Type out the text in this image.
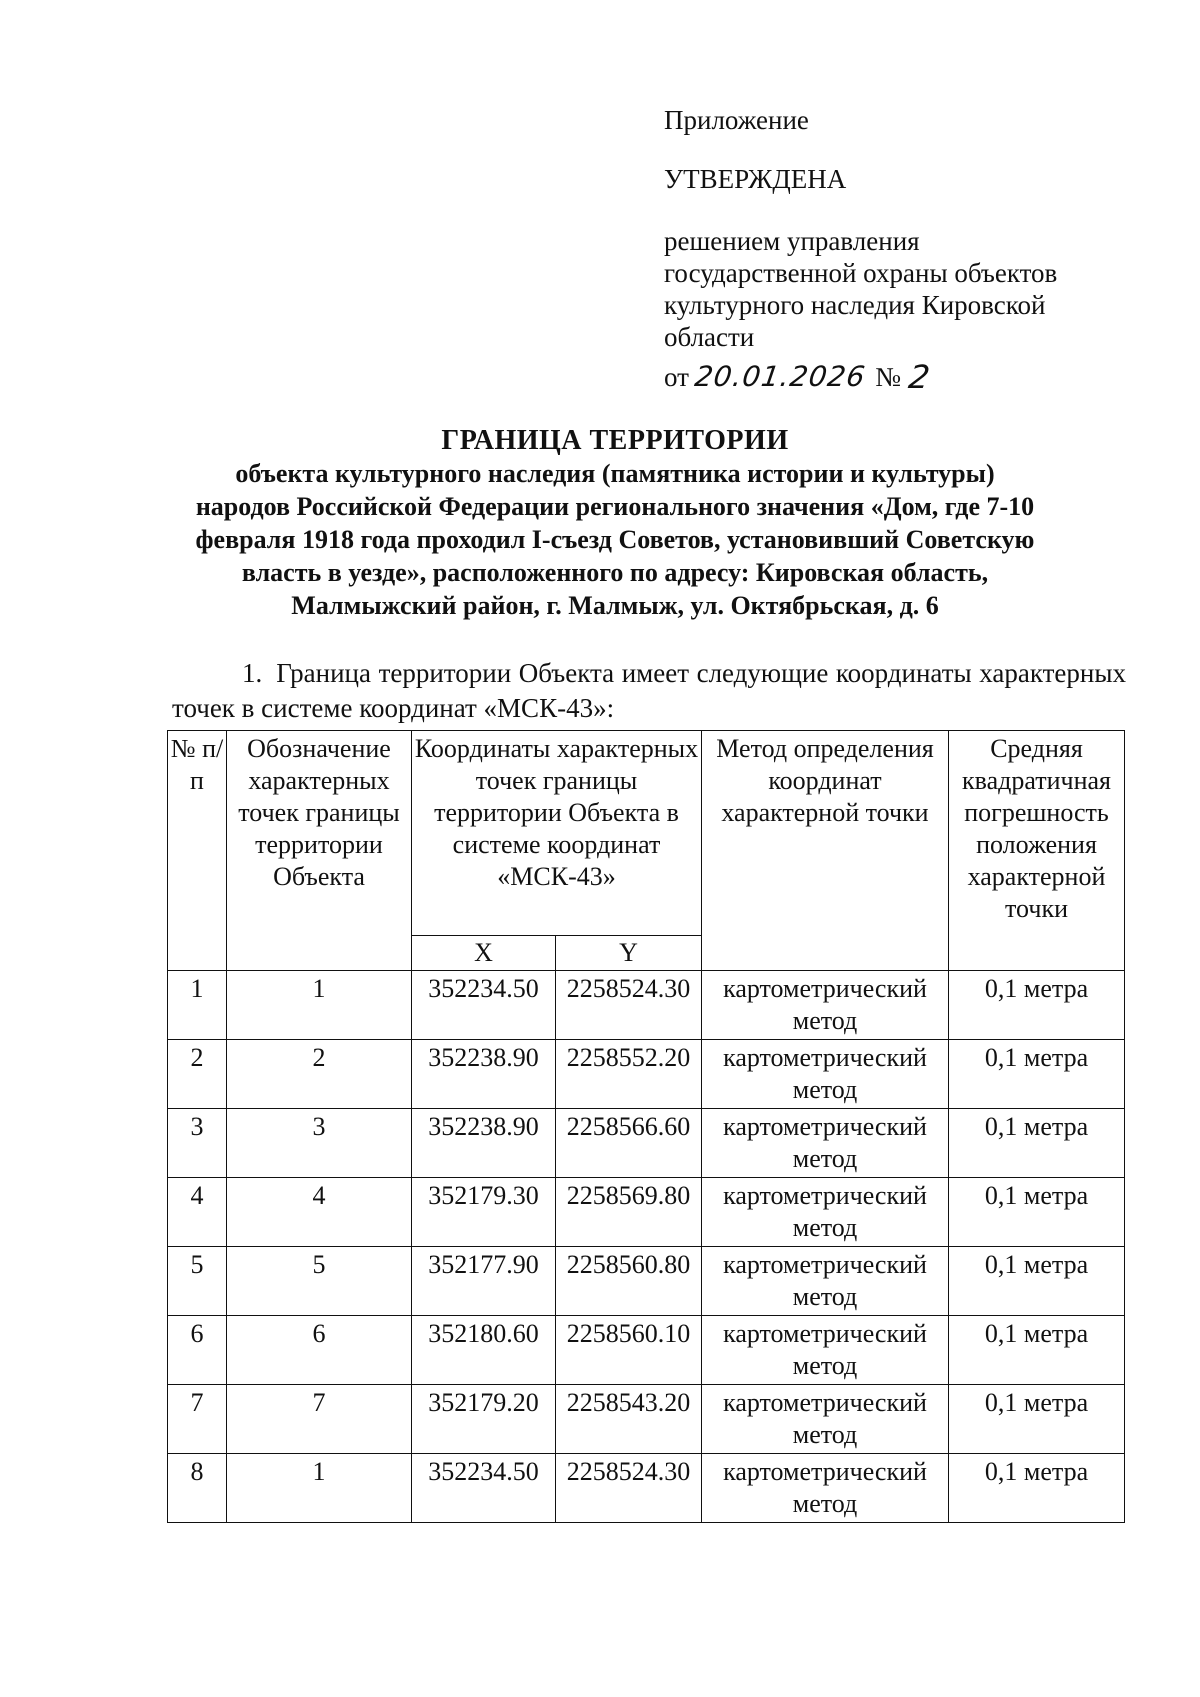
Приложение
УТВЕРЖДЕНА
решением управления
государственной охраны объектов
культурного наследия Кировской
области
от 20.01.2026 № 2
ГРАНИЦА ТЕРРИТОРИИ
объекта культурного наследия (памятника истории и культуры)
народов Российской Федерации регионального значения «Дом, где 7-10
февраля 1918 года проходил I-съезд Советов, установивший Советскую
власть в уезде», расположенного по адресу: Кировская область,
Малмыжский район, г. Малмыж, ул. Октябрьская, д. 6
1. Граница территории Объекта имеет следующие координаты характерных точек в системе координат «МСК-43»:
№ п/п	Обозначение характерных точек границы территории Объекта	Координаты характерных точек границы территории Объекта в системе координат «МСК-43»		Метод определения координат характерной точки	Средняя квадратичная погрешность положения характерной точки
		X	Y		
1	1	352234.50	2258524.30	картометрический метод	0,1 метра
2	2	352238.90	2258552.20	картометрический метод	0,1 метра
3	3	352238.90	2258566.60	картометрический метод	0,1 метра
4	4	352179.30	2258569.80	картометрический метод	0,1 метра
5	5	352177.90	2258560.80	картометрический метод	0,1 метра
6	6	352180.60	2258560.10	картометрический метод	0,1 метра
7	7	352179.20	2258543.20	картометрический метод	0,1 метра
8	1	352234.50	2258524.30	картометрический метод	0,1 метра
